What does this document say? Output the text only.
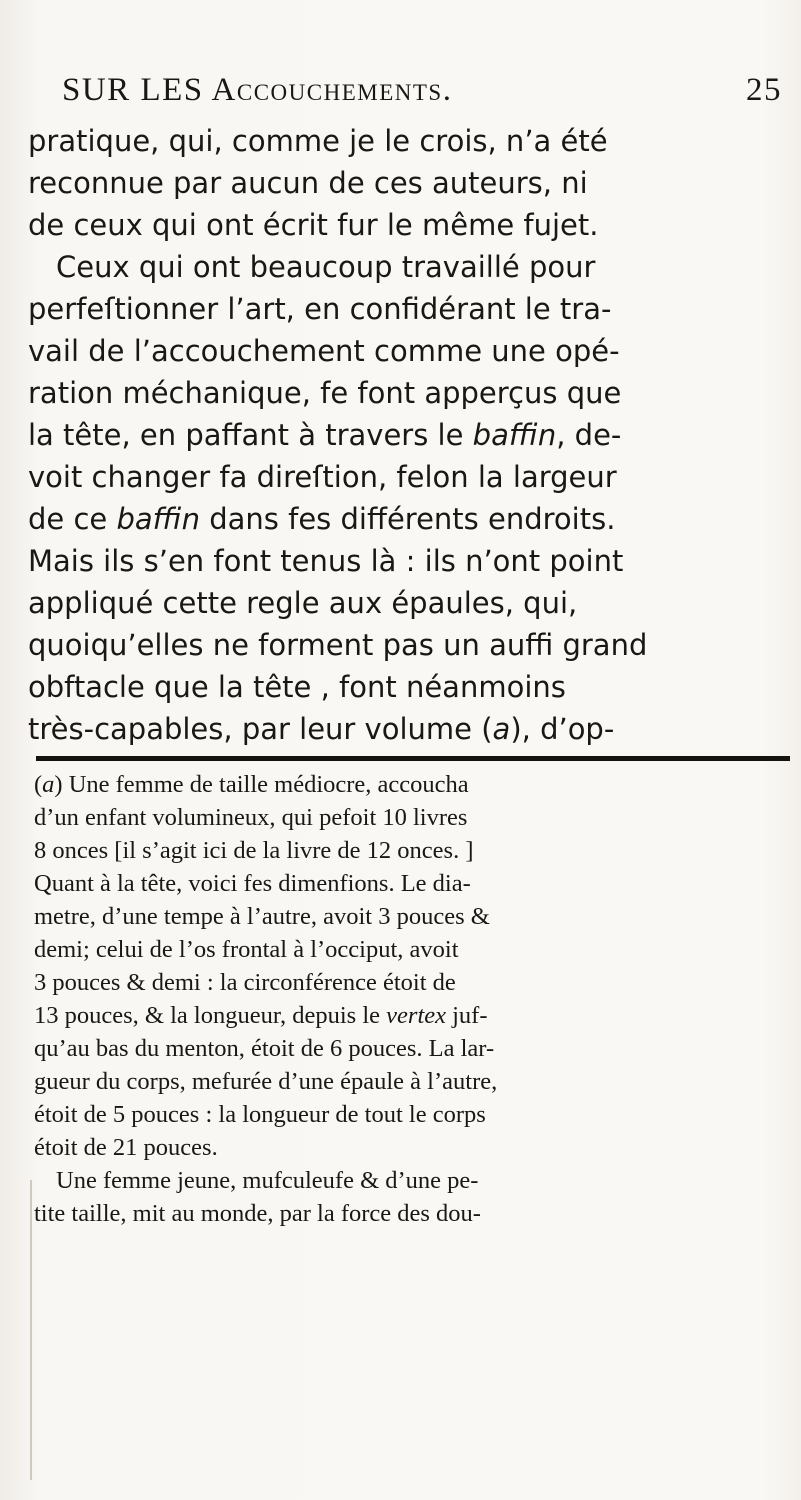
SUR LES Accouchements.	25
pratique, qui, comme je le crois, n’a été
reconnue par aucun de ces auteurs, ni
de ceux qui ont écrit fur le même fujet.
Ceux qui ont beaucoup travaillé pour
perfeſtionner l’art, en confidérant le tra-
vail de l’accouchement comme une opé-
ration méchanique, fe font apperçus que
la tête, en paffant à travers le baffin, de-
voit changer fa direſtion, felon la largeur
de ce baffin dans fes différents endroits.
Mais ils s’en font tenus là : ils n’ont point
appliqué cette regle aux épaules, qui,
quoiqu’elles ne forment pas un auffi grand
obftacle que la tête , font néanmoins
très-capables, par leur volume (a), d’op-
(a) Une femme de taille médiocre, accoucha
d’un enfant volumineux, qui pefoit 10 livres
8 onces [il s’agit ici de la livre de 12 onces. ]
Quant à la tête, voici fes dimenfions. Le dia-
metre, d’une tempe à l’autre, avoit 3 pouces &
demi; celui de l’os frontal à l’occiput, avoit
3 pouces & demi : la circonférence étoit de
13 pouces, & la longueur, depuis le vertex juf-
qu’au bas du menton, étoit de 6 pouces. La lar-
gueur du corps, mefurée d’une épaule à l’autre,
étoit de 5 pouces : la longueur de tout le corps
étoit de 21 pouces.
Une femme jeune, mufculeufe & d’une pe-
tite taille, mit au monde, par la force des dou-
